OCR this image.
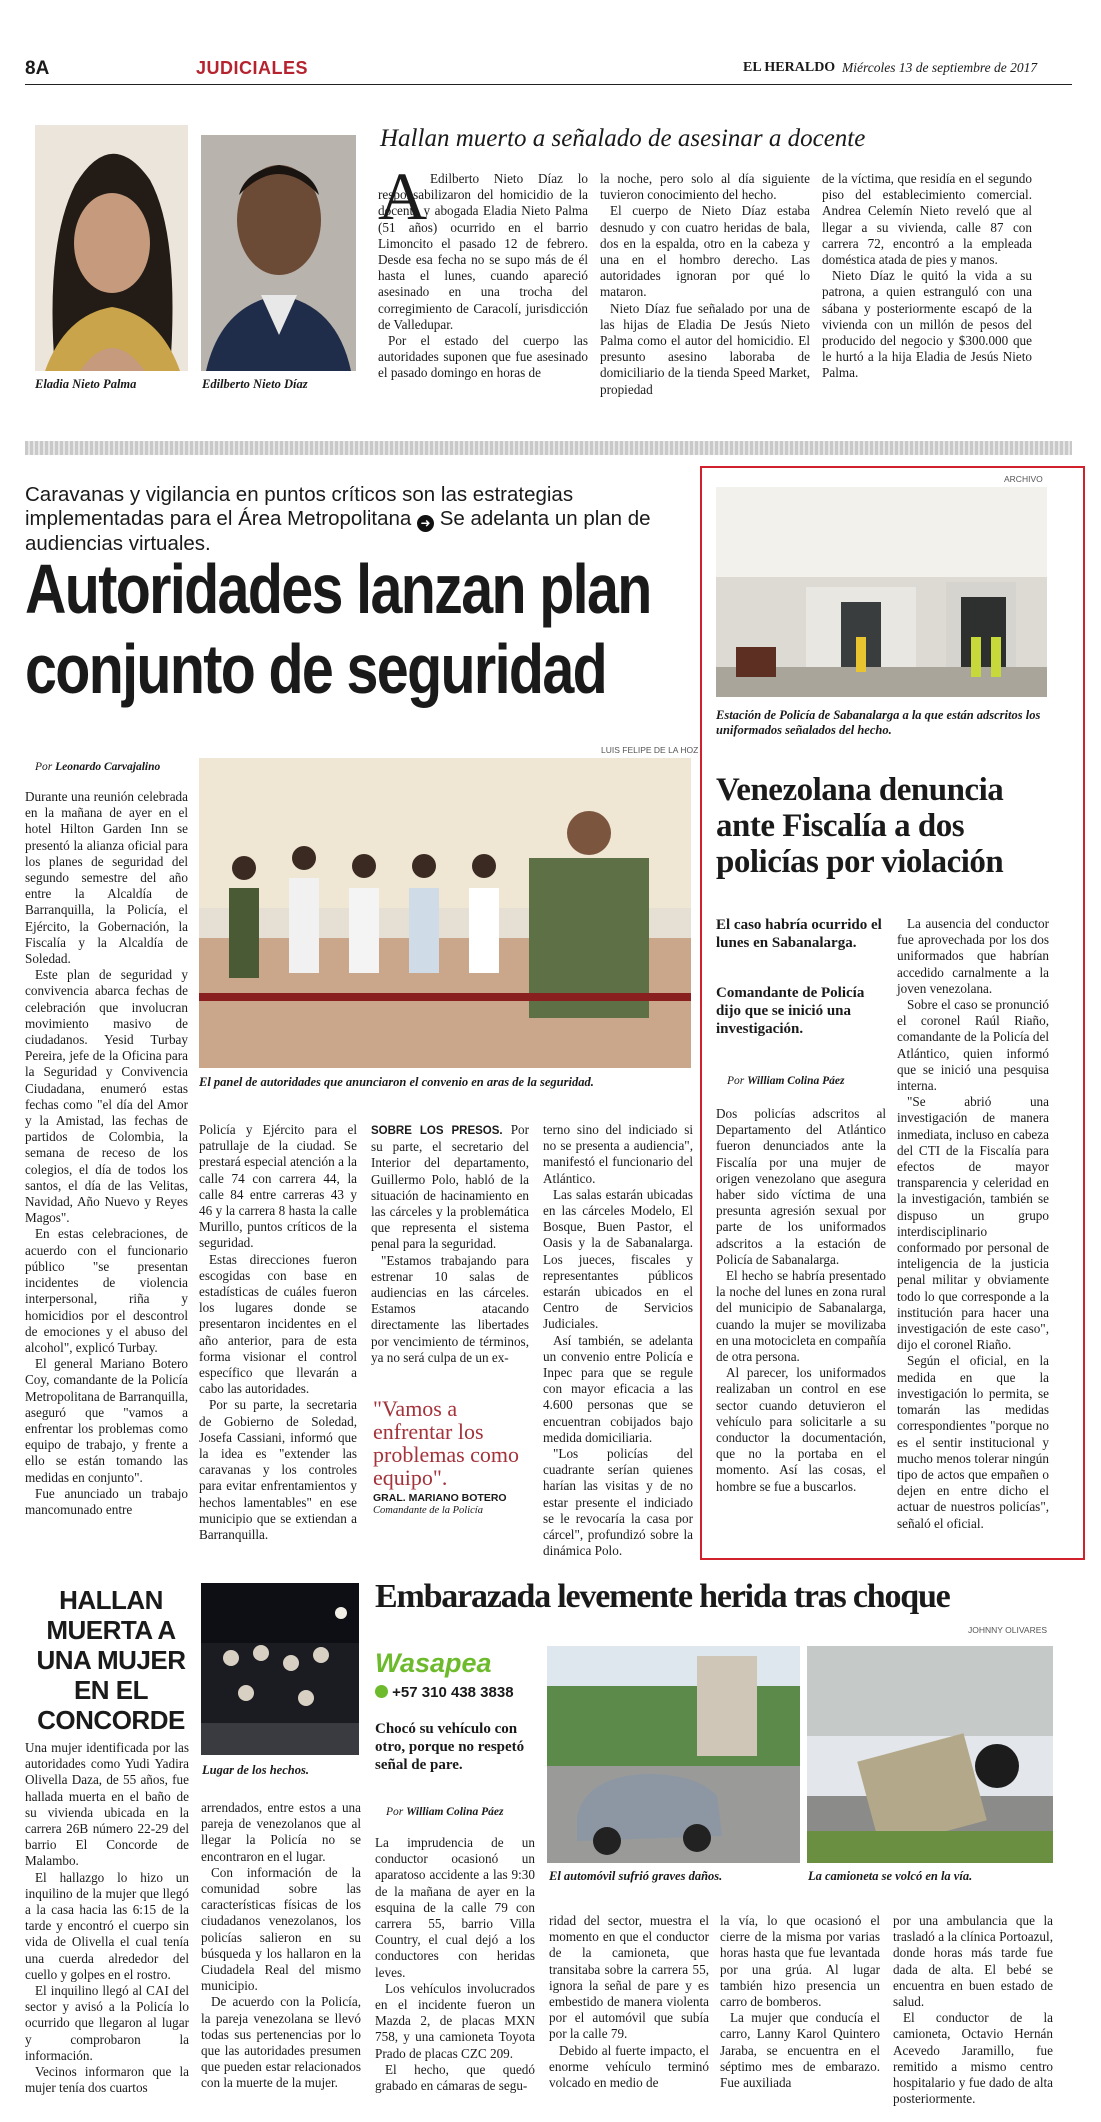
8A	JUDICIALES	EL HERALDO Miércoles 13 de septiembre de 2017
Eladia Nieto Palma	Edilberto Nieto Díaz
Hallan muerto a señalado de asesinar a docente
A Edilberto Nieto Díaz lo responsabilizaron del homicidio de la docente y abogada Eladia Nieto Palma (51 años) ocurrido en el barrio Limoncito el pasado 12 de febrero. Desde esa fecha no se supo más de él hasta el lunes, cuando apareció asesinado en una trocha del corregimiento de Caracolí, jurisdicción de Valledupar.

Por el estado del cuerpo las autoridades suponen que fue asesinado el pasado domingo en horas de

la noche, pero solo al día siguiente tuvieron conocimiento del hecho.

El cuerpo de Nieto Díaz estaba desnudo y con cuatro heridas de bala, dos en la espalda, otro en la cabeza y una en el hombro derecho. Las autoridades ignoran por qué lo mataron.

Nieto Díaz fue señalado por una de las hijas de Eladia De Jesús Nieto Palma como el autor del homicidio. El presunto asesino laboraba de domiciliario de la tienda Speed Market, propiedad

de la víctima, que residía en el segundo piso del establecimiento comercial. Andrea Celemín Nieto reveló que al llegar a su vivienda, calle 87 con carrera 72, encontró a la empleada doméstica atada de pies y manos.

Nieto Díaz le quitó la vida a su patrona, a quien estranguló con una sábana y posteriormente escapó de la vivienda con un millón de pesos del producido del negocio y $300.000 que le hurtó a la hija Eladia de Jesús Nieto Palma.

Caravanas y vigilancia en puntos críticos son las estrategias implementadas para el Área Metropolitana ➜ Se adelanta un plan de audiencias virtuales.
Autoridades lanzan plan
conjunto de seguridad
LUIS FELIPE DE LA HOZ
Por Leonardo Carvajalino
El panel de autoridades que anunciaron el convenio en aras de la seguridad.

Durante una reunión celebrada en la mañana de ayer en el hotel Hilton Garden Inn se presentó la alianza oficial para los planes de seguridad del segundo semestre del año entre la Alcaldía de Barranquilla, la Policía, el Ejército, la Gobernación, la Fiscalía y la Alcaldía de Soledad.

Este plan de seguridad y convivencia abarca fechas de celebración que involucran movimiento masivo de ciudadanos. Yesid Turbay Pereira, jefe de la Oficina para la Seguridad y Convivencia Ciudadana, enumeró estas fechas como "el día del Amor y la Amistad, las fechas de partidos de Colombia, la semana de receso de los colegios, el día de todos los santos, el día de las Velitas, Navidad, Año Nuevo y Reyes Magos".

En estas celebraciones, de acuerdo con el funcionario público "se presentan incidentes de violencia interpersonal, riña y homicidios por el descontrol de emociones y el abuso del alcohol", explicó Turbay.

El general Mariano Botero Coy, comandante de la Policía Metropolitana de Barranquilla, aseguró que "vamos a enfrentar los problemas como equipo de trabajo, y frente a ello se están tomando las medidas en conjunto".

Fue anunciado un trabajo mancomunado entre

Policía y Ejército para el patrullaje de la ciudad. Se prestará especial atención a la calle 74 con carrera 44, la calle 84 entre carreras 43 y 46 y la carrera 8 hasta la calle Murillo, puntos críticos de la seguridad.

Estas direcciones fueron escogidas con base en estadísticas de cuáles fueron los lugares donde se presentaron incidentes en el año anterior, para de esta forma visionar el control específico que llevarán a cabo las autoridades.

Por su parte, la secretaria de Gobierno de Soledad, Josefa Cassiani, informó que la idea es "extender las caravanas y los controles para evitar enfrentamientos y hechos lamentables" en ese municipio que se extiendan a Barranquilla.

SOBRE LOS PRESOS. Por su parte, el secretario del Interior del departamento, Guillermo Polo, habló de la situación de hacinamiento en las cárceles y la problemática que representa el sistema penal para la seguridad.

"Estamos trabajando para estrenar 10 salas de audiencias en las cárceles. Estamos atacando directamente las libertades por vencimiento de términos, ya no será culpa de un ex-

"Vamos a enfrentar los problemas como equipo".
GRAL. MARIANO BOTERO
Comandante de la Policía

terno sino del indiciado si no se presenta a audiencia", manifestó el funcionario del Atlántico.

Las salas estarán ubicadas en las cárceles Modelo, El Bosque, Buen Pastor, el Oasis y la de Sabanalarga. Los jueces, fiscales y representantes públicos estarán ubicados en el Centro de Servicios Judiciales.

Así también, se adelanta un convenio entre Policía e Inpec para que se regule con mayor eficacia a las 4.600 personas que se encuentran cobijados bajo medida domiciliaria.

"Los policías del cuadrante serían quienes harían las visitas y de no estar presente el indiciado se le revocaría la casa por cárcel", profundizó sobre la dinámica Polo.

ARCHIVO
Estación de Policía de Sabanalarga a la que están adscritos los uniformados señalados del hecho.
Venezolana denuncia ante Fiscalía a dos policías por violación
El caso habría ocurrido el lunes en Sabanalarga.
Comandante de Policía dijo que se inició una investigación.
Por William Colina Páez

Dos policías adscritos al Departamento del Atlántico fueron denunciados ante la Fiscalía por una mujer de origen venezolano que asegura haber sido víctima de una presunta agresión sexual por parte de los uniformados adscritos a la estación de Policía de Sabanalarga.

El hecho se habría presentado la noche del lunes en zona rural del municipio de Sabanalarga, cuando la mujer se movilizaba en una motocicleta en compañía de otra persona.

Al parecer, los uniformados realizaban un control en ese sector cuando detuvieron el vehículo para solicitarle a su conductor la documentación, que no la portaba en el momento. Así las cosas, el hombre se fue a buscarlos.

La ausencia del conductor fue aprovechada por los dos uniformados que habrían accedido carnalmente a la joven venezolana.

Sobre el caso se pronunció el coronel Raúl Riaño, comandante de la Policía del Atlántico, quien informó que se inició una pesquisa interna.

"Se abrió una investigación de manera inmediata, incluso en cabeza del CTI de la Fiscalía para efectos de mayor transparencia y celeridad en la investigación, también se dispuso un grupo interdisciplinario conformado por personal de inteligencia de la justicia penal militar y obviamente todo lo que corresponde a la institución para hacer una investigación de este caso", dijo el coronel Riaño.

Según el oficial, en la medida en que la investigación lo permita, se tomarán las medidas correspondientes "porque no es el sentir institucional y mucho menos tolerar ningún tipo de actos que empañen o dejen en entre dicho el actuar de nuestros policías", señaló el oficial.

HALLAN MUERTA A UNA MUJER EN EL CONCORDE
Lugar de los hechos.

Una mujer identificada por las autoridades como Yudi Yadira Olivella Daza, de 55 años, fue hallada muerta en el baño de su vivienda ubicada en la carrera 26B número 22-29 del barrio El Concorde de Malambo.

El hallazgo lo hizo un inquilino de la mujer que llegó a la casa hacia las 6:15 de la tarde y encontró el cuerpo sin vida de Olivella el cual tenía una cuerda alrededor del cuello y golpes en el rostro.

El inquilino llegó al CAI del sector y avisó a la Policía lo ocurrido que llegaron al lugar y comprobaron la información.

Vecinos informaron que la mujer tenía dos cuartos

arrendados, entre estos a una pareja de venezolanos que al llegar la Policía no se encontraron en el lugar.

Con información de la comunidad sobre las características físicas de los ciudadanos venezolanos, los policías salieron en su búsqueda y los hallaron en la Ciudadela Real del mismo municipio.

De acuerdo con la Policía, la pareja venezolana se llevó todas sus pertenencias por lo que las autoridades presumen que pueden estar relacionados con la muerte de la mujer.

Embarazada levemente herida tras choque
JOHNNY OLIVARES
Wasapea
+57 310 438 3838
Chocó su vehículo con otro, porque no respetó señal de pare.
Por William Colina Páez
El automóvil sufrió graves daños.	La camioneta se volcó en la vía.

La imprudencia de un conductor ocasionó un aparatoso accidente a las 9:30 de la mañana de ayer en la esquina de la calle 79 con carrera 55, barrio Villa Country, el cual dejó a los conductores con heridas leves.

Los vehículos involucrados en el incidente fueron un Mazda 2, de placas MXN 758, y una camioneta Toyota Prado de placas CZC 209.

El hecho, que quedó grabado en cámaras de segu-

ridad del sector, muestra el momento en que el conductor de la camioneta, que transitaba sobre la carrera 55, ignora la señal de pare y es embestido de manera violenta por el automóvil que subía por la calle 79.

Debido al fuerte impacto, el enorme vehículo terminó volcado en medio de

la vía, lo que ocasionó el cierre de la misma por varias horas hasta que fue levantada por una grúa. Al lugar también hizo presencia un carro de bomberos.

La mujer que conducía el carro, Lanny Karol Quintero Jaraba, se encuentra en el séptimo mes de embarazo. Fue auxiliada

por una ambulancia que la trasladó a la clínica Portoazul, donde horas más tarde fue dada de alta. El bebé se encuentra en buen estado de salud.

El conductor de la camioneta, Octavio Hernán Acevedo Jaramillo, fue remitido a mismo centro hospitalario y fue dado de alta posteriormente.
